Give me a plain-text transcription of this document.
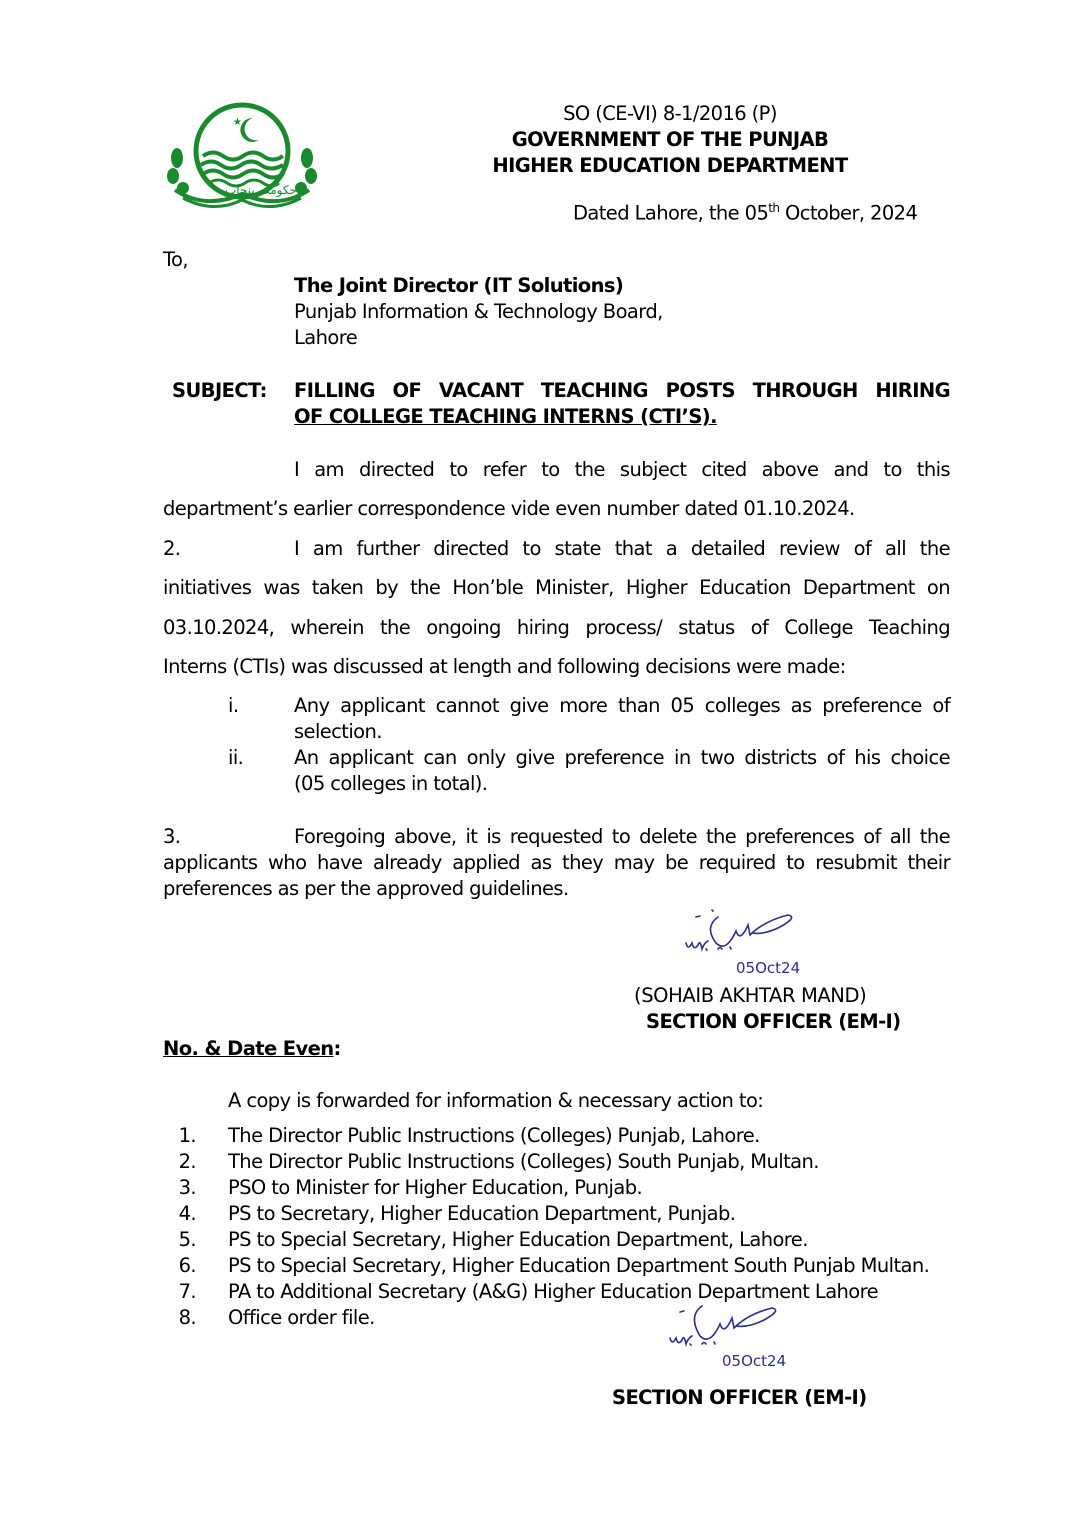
★
حکومت پنجاب
SO (CE-VI) 8-1/2016 (P)
GOVERNMENT OF THE PUNJAB
HIGHER EDUCATION DEPARTMENT
Dated Lahore, the 05th October, 2024
To,
The Joint Director (IT Solutions)
Punjab Information & Technology Board,
Lahore
SUBJECT: FILLING OF VACANT TEACHING POSTS THROUGH HIRING
OF COLLEGE TEACHING INTERNS (CTI’S).
I am directed to refer to the subject cited above and to this
department’s earlier correspondence vide even number dated 01.10.2024.
2.	I am further directed to state that a detailed review of all the
initiatives was taken by the Hon’ble Minister, Higher Education Department on
03.10.2024, wherein the ongoing hiring process/ status of College Teaching
Interns (CTIs) was discussed at length and following decisions were made:
i.	Any applicant cannot give more than 05 colleges as preference of
selection.
ii.	An applicant can only give preference in two districts of his choice
(05 colleges in total).
3.	Foregoing above, it is requested to delete the preferences of all the
applicants who have already applied as they may be required to resubmit their
preferences as per the approved guidelines.
05Oct24
(SOHAIB AKHTAR MAND)
SECTION OFFICER (EM-I)
No. & Date Even:
A copy is forwarded for information & necessary action to:
1. The Director Public Instructions (Colleges) Punjab, Lahore.
2. The Director Public Instructions (Colleges) South Punjab, Multan.
3. PSO to Minister for Higher Education, Punjab.
4. PS to Secretary, Higher Education Department, Punjab.
5. PS to Special Secretary, Higher Education Department, Lahore.
6. PS to Special Secretary, Higher Education Department South Punjab Multan.
7. PA to Additional Secretary (A&G) Higher Education Department Lahore
8. Office order file.
05Oct24
SECTION OFFICER (EM-I)
